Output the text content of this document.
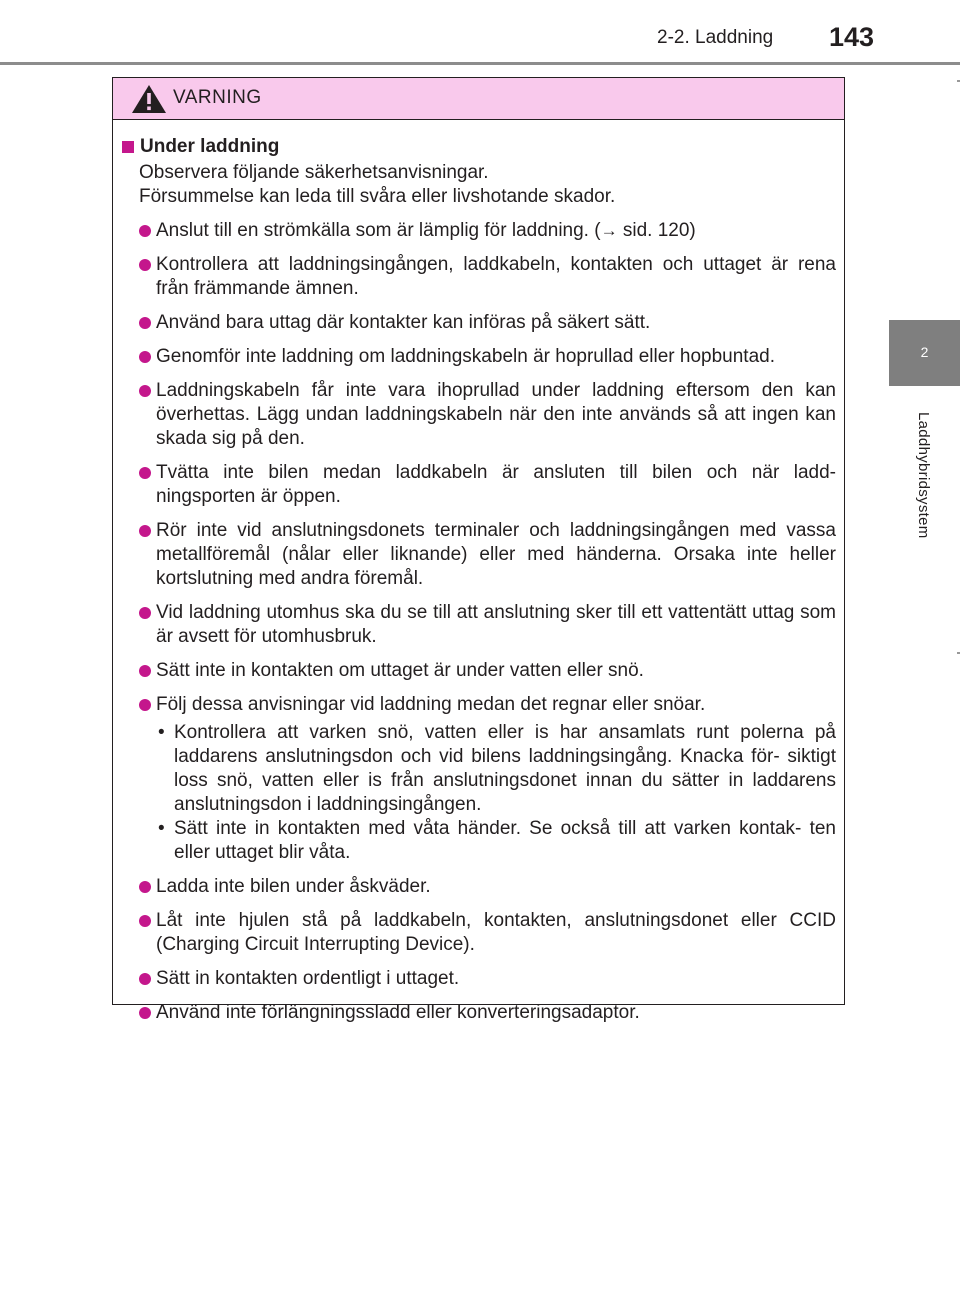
2-2. Laddning 143
2
Laddhybridsystem
VARNING
Under laddning
Observera följande säkerhetsanvisningar.
Försummelse kan leda till svåra eller livshotande skador.
Anslut till en strömkälla som är lämplig för laddning. (→ sid. 120)
Kontrollera att laddningsingången, laddkabeln, kontakten och uttaget är rena från främmande ämnen.
Använd bara uttag där kontakter kan införas på säkert sätt.
Genomför inte laddning om laddningskabeln är hoprullad eller hopbuntad.
Laddningskabeln får inte vara ihoprullad under laddning eftersom den kan överhettas. Lägg undan laddningskabeln när den inte används så att ingen kan skada sig på den.
Tvätta inte bilen medan laddkabeln är ansluten till bilen och när ladd- ningsporten är öppen.
Rör inte vid anslutningsdonets terminaler och laddningsingången med vassa metallföremål (nålar eller liknande) eller med händerna. Orsaka inte heller kortslutning med andra föremål.
Vid laddning utomhus ska du se till att anslutning sker till ett vattentätt uttag som är avsett för utomhusbruk.
Sätt inte in kontakten om uttaget är under vatten eller snö.
Följ dessa anvisningar vid laddning medan det regnar eller snöar.
• Kontrollera att varken snö, vatten eller is har ansamlats runt polerna på laddarens anslutningsdon och vid bilens laddningsingång. Knacka för- siktigt loss snö, vatten eller is från anslutningsdonet innan du sätter in laddarens anslutningsdon i laddningsingången.
• Sätt inte in kontakten med våta händer. Se också till att varken kontak- ten eller uttaget blir våta.
Ladda inte bilen under åskväder.
Låt inte hjulen stå på laddkabeln, kontakten, anslutningsdonet eller CCID (Charging Circuit Interrupting Device).
Sätt in kontakten ordentligt i uttaget.
Använd inte förlängningssladd eller konverteringsadaptor.
